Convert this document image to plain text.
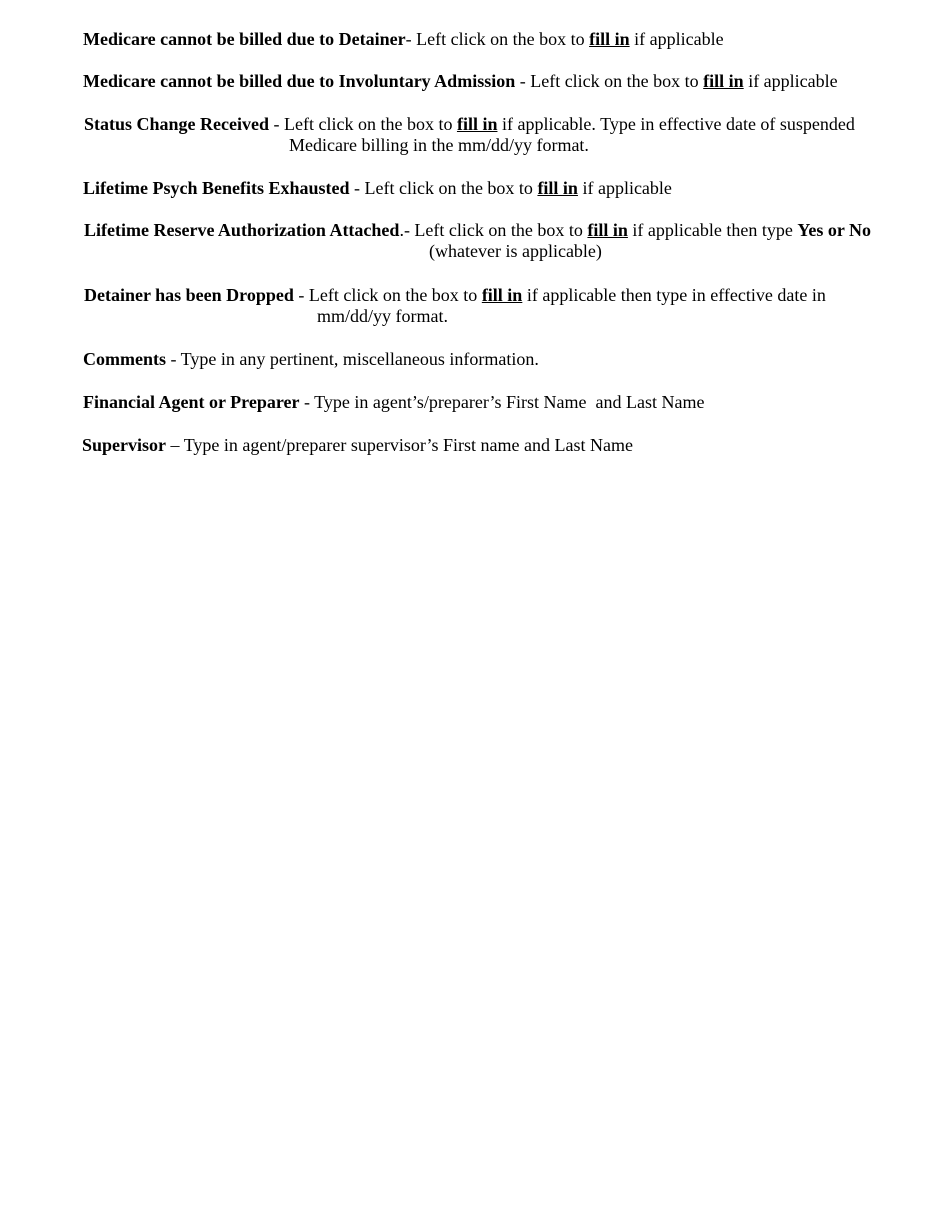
Medicare cannot be billed due to Detainer- Left click on the box to fill in if applicable

Medicare cannot be billed due to Involuntary Admission - Left click on the box to fill in if applicable

Status Change Received - Left click on the box to fill in if applicable. Type in effective date of suspended
Medicare billing in the mm/dd/yy format.

Lifetime Psych Benefits Exhausted - Left click on the box to fill in if applicable

Lifetime Reserve Authorization Attached.- Left click on the box to fill in if applicable then type Yes or No
(whatever is applicable)

Detainer has been Dropped - Left click on the box to fill in if applicable then type in effective date in
mm/dd/yy format.

Comments - Type in any pertinent, miscellaneous information.

Financial Agent or Preparer - Type in agent’s/preparer’s First Name  and Last Name

Supervisor – Type in agent/preparer supervisor’s First name and Last Name
